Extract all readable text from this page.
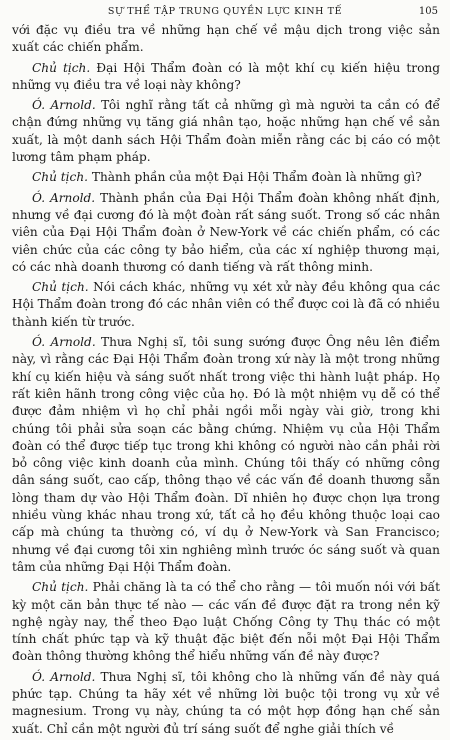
SỰ THỂ TẬP TRUNG QUYỀN LỰC KINH TẾ	105

với đặc vụ điều tra về những hạn chế về mậu dịch trong việc sản xuất các chiến phẩm.

Chủ tịch. Đại Hội Thẩm đoàn có là một khí cụ kiến hiệu trong những vụ điều tra về loại này không?

Ó. Arnold. Tôi nghĩ rằng tất cả những gì mà người ta cần có để chận đứng những vụ tăng giá nhân tạo, hoặc những hạn chế về sản xuất, là một danh sách Hội Thẩm đoàn miễn rằng các bị cáo có một lương tâm phạm pháp.

Chủ tịch. Thành phần của một Đại Hội Thẩm đoàn là những gì?

Ó. Arnold. Thành phần của Đại Hội Thẩm đoàn không nhất định, nhưng về đại cương đó là một đoàn rất sáng suốt. Trong số các nhân viên của Đại Hội Thẩm đoàn ở New-York về các chiến phẩm, có các viên chức của các công ty bảo hiểm, của các xí nghiệp thương mại, có các nhà doanh thương có danh tiếng và rất thông minh.

Chủ tịch. Nói cách khác, những vụ xét xử này đều không qua các Hội Thẩm đoàn trong đó các nhân viên có thể được coi là đã có nhiều thành kiến từ trước.

Ó. Arnold. Thưa Nghị sĩ, tôi sung sướng được Ông nêu lên điểm này, vì rằng các Đại Hội Thẩm đoàn trong xứ này là một trong những khí cụ kiến hiệu và sáng suốt nhất trong việc thi hành luật pháp. Họ rất kiên hãnh trong công việc của họ. Đó là một nhiệm vụ dễ có thể được đảm nhiệm vì họ chỉ phải ngồi mỗi ngày vài giờ, trong khi chúng tôi phải sửa soạn các bằng chứng. Nhiệm vụ của Hội Thẩm đoàn có thể được tiếp tục trong khi không có người nào cần phải rời bỏ công việc kinh doanh của mình. Chúng tôi thấy có những công dân sáng suốt, cao cấp, thông thạo về các vấn đề doanh thương sẵn lòng tham dự vào Hội Thẩm đoàn. Dĩ nhiên họ được chọn lựa trong nhiều vùng khác nhau trong xứ, tất cả họ đều không thuộc loại cao cấp mà chúng ta thường có, ví dụ ở New-York và San Francisco; nhưng về đại cương tôi xin nghiêng mình trước óc sáng suốt và quan tâm của những Đại Hội Thẩm đoàn.

Chủ tịch. Phải chăng là ta có thể cho rằng — tôi muốn nói với bất kỳ một căn bản thực tế nào — các vấn đề được đặt ra trong nền kỹ nghệ ngày nay, thể theo Đạo luật Chống Công ty Thụ thác có một tính chất phức tạp và kỹ thuật đặc biệt đến nỗi một Đại Hội Thẩm đoàn thông thường không thể hiểu những vấn đề này được?

Ó. Arnold. Thưa Nghị sĩ, tôi không cho là những vấn đề này quá phức tạp. Chúng ta hãy xét về những lời buộc tội trong vụ xử về magnesium. Trong vụ này, chúng ta có một hợp đồng hạn chế sản xuất. Chỉ cần một người đủ trí sáng suốt để nghe giải thích về
